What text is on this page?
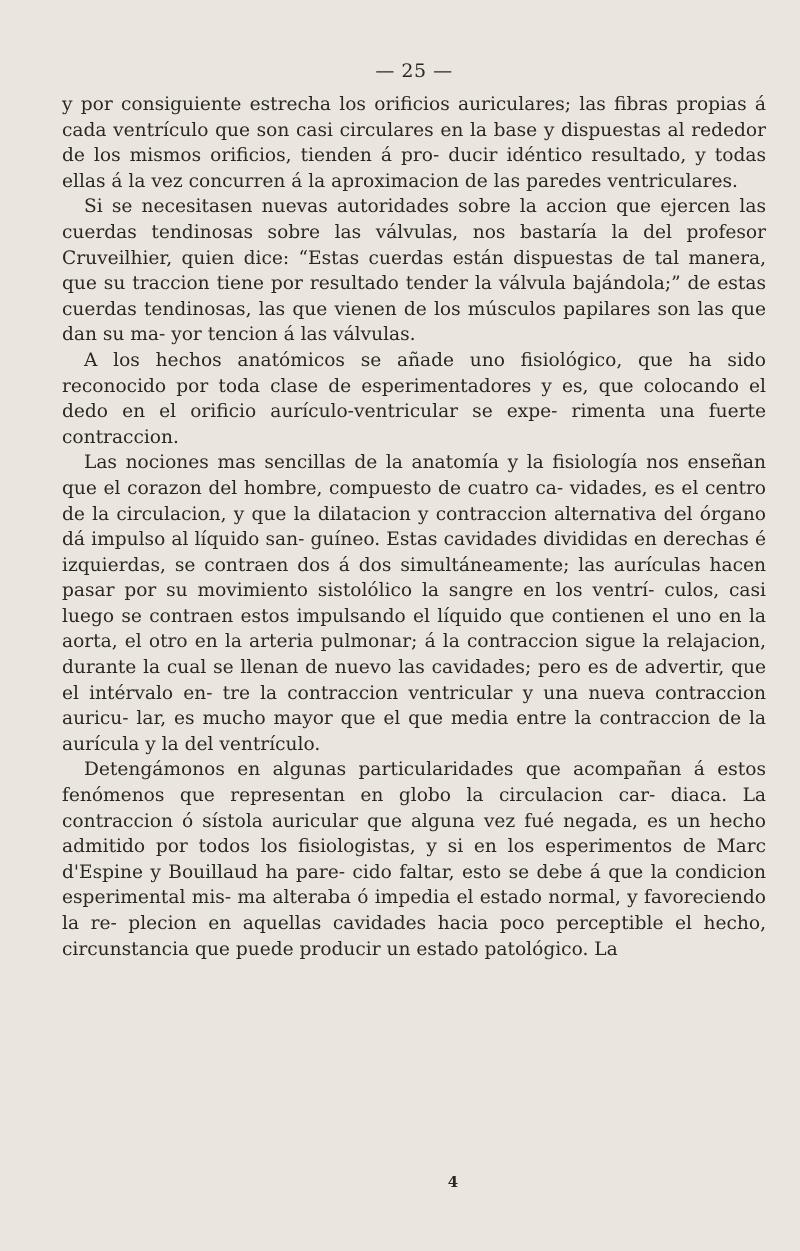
— 25 —

y por consiguiente estrecha los orificios auriculares; las fibras propias á cada ventrículo que son casi circulares en la base y dispuestas al rededor de los mismos orificios, tienden á pro- ducir idéntico resultado, y todas ellas á la vez concurren á la aproximacion de las paredes ventriculares.

Si se necesitasen nuevas autoridades sobre la accion que ejercen las cuerdas tendinosas sobre las válvulas, nos bastaría la del profesor Cruveilhier, quien dice: “Estas cuerdas están dispuestas de tal manera, que su traccion tiene por resultado tender la válvula bajándola;” de estas cuerdas tendinosas, las que vienen de los músculos papilares son las que dan su ma- yor tencion á las válvulas.

A los hechos anatómicos se añade uno fisiológico, que ha sido reconocido por toda clase de esperimentadores y es, que colocando el dedo en el orificio aurículo-ventricular se expe- rimenta una fuerte contraccion.

Las nociones mas sencillas de la anatomía y la fisiología nos enseñan que el corazon del hombre, compuesto de cuatro ca- vidades, es el centro de la circulacion, y que la dilatacion y contraccion alternativa del órgano dá impulso al líquido san- guíneo. Estas cavidades divididas en derechas é izquierdas, se contraen dos á dos simultáneamente; las aurículas hacen pasar por su movimiento sistolólico la sangre en los ventrí- culos, casi luego se contraen estos impulsando el líquido que contienen el uno en la aorta, el otro en la arteria pulmonar; á la contraccion sigue la relajacion, durante la cual se llenan de nuevo las cavidades; pero es de advertir, que el intérvalo en- tre la contraccion ventricular y una nueva contraccion auricu- lar, es mucho mayor que el que media entre la contraccion de la aurícula y la del ventrículo.

Detengámonos en algunas particularidades que acompañan á estos fenómenos que representan en globo la circulacion car- diaca. La contraccion ó sístola auricular que alguna vez fué negada, es un hecho admitido por todos los fisiologistas, y si en los esperimentos de Marc d'Espine y Bouillaud ha pare- cido faltar, esto se debe á que la condicion esperimental mis- ma alteraba ó impedia el estado normal, y favoreciendo la re- plecion en aquellas cavidades hacia poco perceptible el hecho, circunstancia que puede producir un estado patológico. La

4
